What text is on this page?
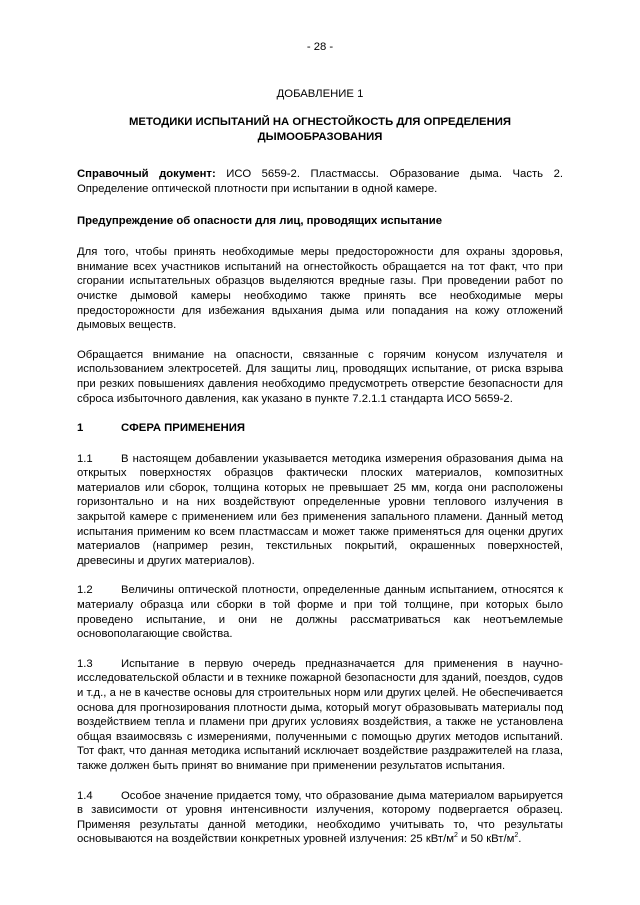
- 28 -
ДОБАВЛЕНИЕ 1
МЕТОДИКИ ИСПЫТАНИЙ НА ОГНЕСТОЙКОСТЬ ДЛЯ ОПРЕДЕЛЕНИЯ ДЫМООБРАЗОВАНИЯ

Справочный документ: ИСО 5659-2. Пластмассы. Образование дыма. Часть 2. Определение оптической плотности при испытании в одной камере.

Предупреждение об опасности для лиц, проводящих испытание

Для того, чтобы принять необходимые меры предосторожности для охраны здоровья, внимание всех участников испытаний на огнестойкость обращается на тот факт, что при сгорании испытательных образцов выделяются вредные газы. При проведении работ по очистке дымовой камеры необходимо также принять все необходимые меры предосторожности для избежания вдыхания дыма или попадания на кожу отложений дымовых веществ.

Обращается внимание на опасности, связанные с горячим конусом излучателя и использованием электросетей. Для защиты лиц, проводящих испытание, от риска взрыва при резких повышениях давления необходимо предусмотреть отверстие безопасности для сброса избыточного давления, как указано в пункте 7.2.1.1 стандарта ИСО 5659-2.

1	СФЕРА ПРИМЕНЕНИЯ

1.1	В настоящем добавлении указывается методика измерения образования дыма на открытых поверхностях образцов фактически плоских материалов, композитных материалов или сборок, толщина которых не превышает 25 мм, когда они расположены горизонтально и на них воздействуют определенные уровни теплового излучения в закрытой камере с применением или без применения запального пламени. Данный метод испытания применим ко всем пластмассам и может также применяться для оценки других материалов (например резин, текстильных покрытий, окрашенных поверхностей, древесины и других материалов).

1.2	Величины оптической плотности, определенные данным испытанием, относятся к материалу образца или сборки в той форме и при той толщине, при которых было проведено испытание, и они не должны рассматриваться как неотъемлемые основополагающие свойства.

1.3	Испытание в первую очередь предназначается для применения в научно-исследовательской области и в технике пожарной безопасности для зданий, поездов, судов и т.д., а не в качестве основы для строительных норм или других целей. Не обеспечивается основа для прогнозирования плотности дыма, который могут образовывать материалы под воздействием тепла и пламени при других условиях воздействия, а также не установлена общая взаимосвязь с измерениями, полученными с помощью других методов испытаний. Тот факт, что данная методика испытаний исключает воздействие раздражителей на глаза, также должен быть принят во внимание при применении результатов испытания.

1.4	Особое значение придается тому, что образование дыма материалом варьируется в зависимости от уровня интенсивности излучения, которому подвергается образец. Применяя результаты данной методики, необходимо учитывать то, что результаты основываются на воздействии конкретных уровней излучения: 25 кВт/$м^2$ и 50 кВт/$м^2$.
